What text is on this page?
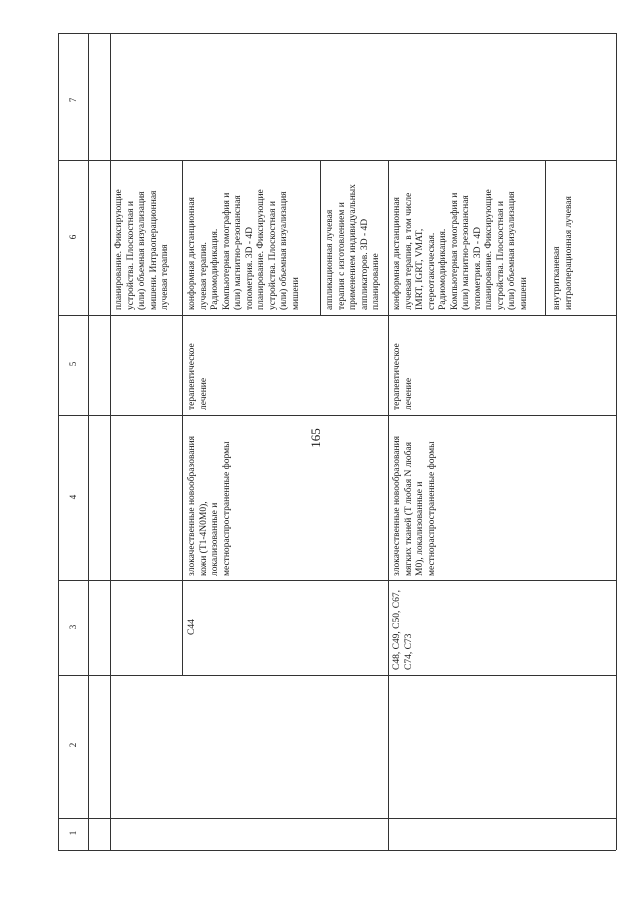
165
1
2
3
4
5
6
7
планирование. Фиксирующие
устройства. Плоскостная и
(или) объемная визуализация
мишени. Интраоперационная
лучевая терапия
C44
злокачественные новообразования
кожи (T1-4N0M0),
локализованные и
местнораспространенные формы
терапевтическое
лечение
конформная дистанционная
лучевая терапия.
Радиомодификация.
Компьютерная томография и
(или) магнитно-резонансная
топометрия. 3D - 4D
планирование. Фиксирующие
устройства. Плоскостная и
(или) объемная визуализация
мишени	аппликационная лучевая
терапия с изготовлением и
применением индивидуальных
аппликаторов. 3D - 4D
планирование
C48, C49, C50, C67,
C74, C73
злокачественные новообразования
мягких тканей (T любая N любая
M0), локализованные и
местнораспространенные формы
терапевтическое
лечение
конформная дистанционная
лучевая терапия, в том числе
IMRT, IGRT, VMAT,
стереотаксическая.
Радиомодификация.
Компьютерная томография и
(или) магнитно-резонансная
топометрия. 3D - 4D
планирование. Фиксирующие
устройства. Плоскостная и
(или) объемная визуализация
мишени внутритканевая
интраоперационная лучевая
